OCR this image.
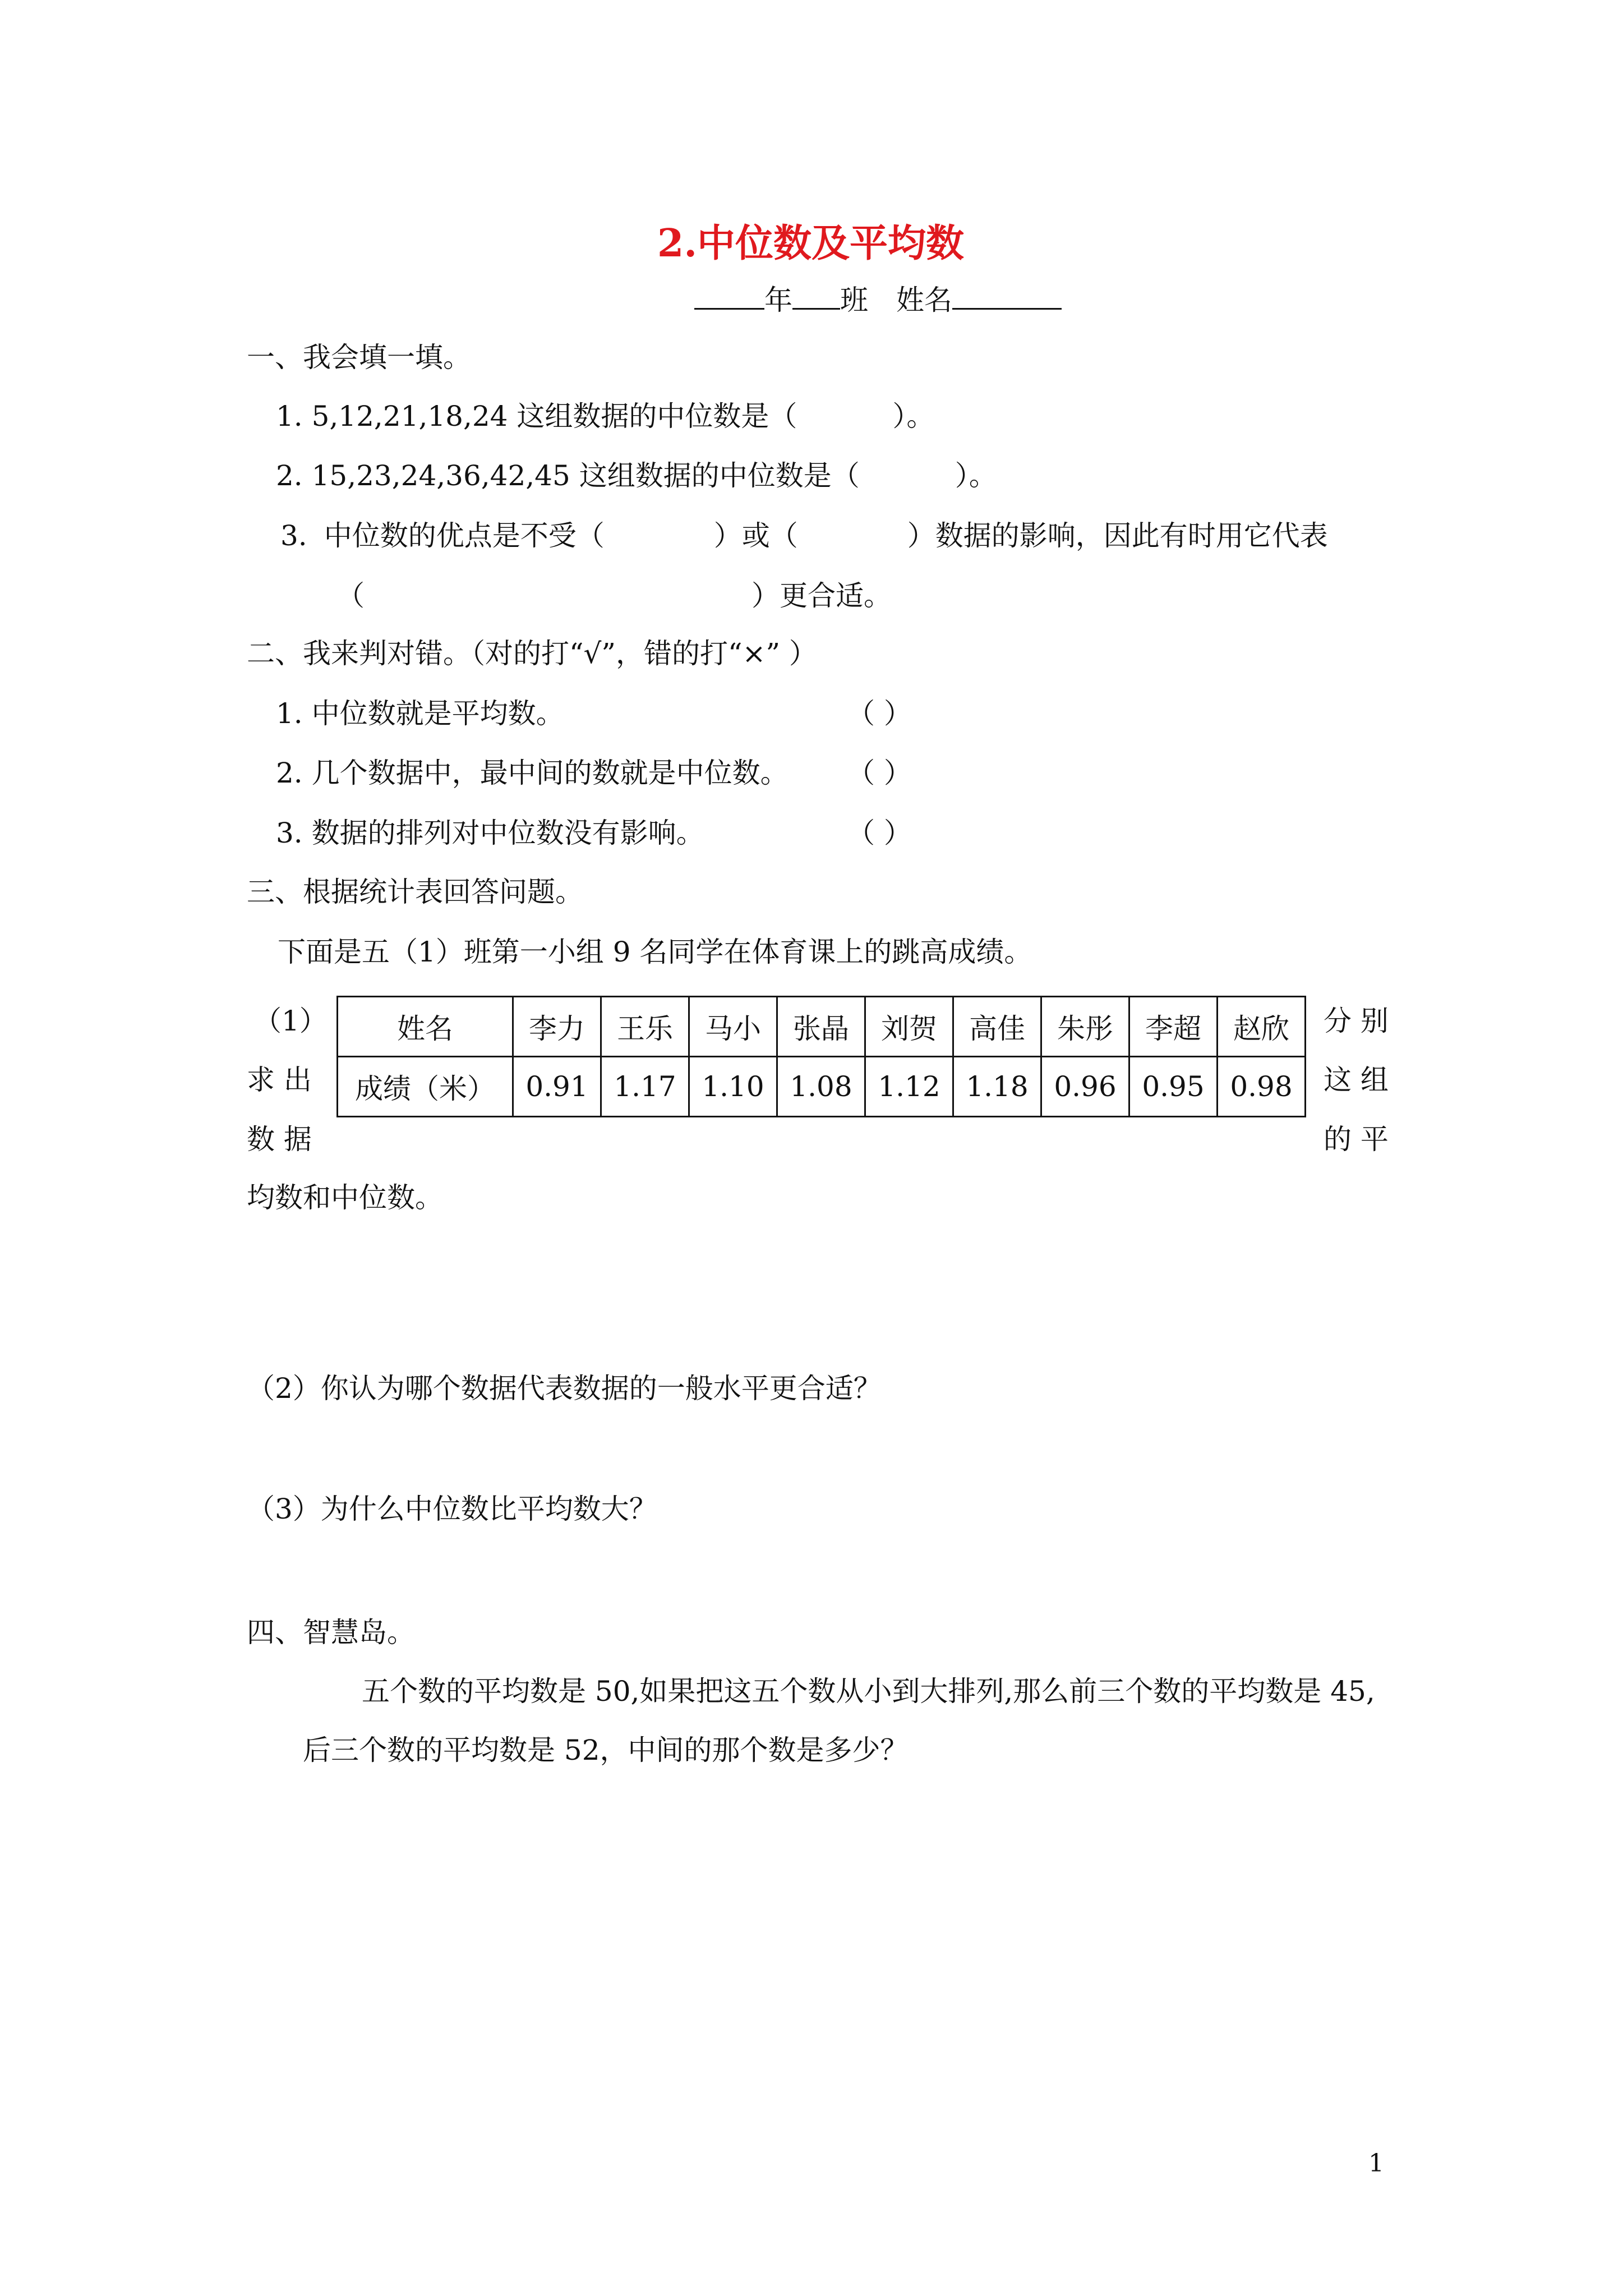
2.中位数及平均数
年 班 姓名
一、我会填一填。
1. 5,12,21,18,24 这组数据的中位数是（	）。
2. 15,23,24,36,42,45 这组数据的中位数是（	）。
3. 中位数的优点是不受（	）或（	）数据的影响，因此有时用它代表
（	）更合适。
二、我来判对错。（对的打“√”，错的打“×” ）
1. 中位数就是平均数。	（ ）
2. 几个数据中，最中间的数就是中位数。 （ ）
3. 数据的排列对中位数没有影响。	（ ）
三、根据统计表回答问题。
下面是五（1）班第一小组 9 名同学在体育课上的跳高成绩。
（1）
求 出
数 据
分 别
这 组
的 平
均数和中位数。
姓名	李力	王乐	马小	张晶	刘贺	高佳	朱彤	李超	赵欣
成绩（米）	0.91	1.17	1.10	1.08	1.12	1.18	0.96	0.95	0.98
（2）你认为哪个数据代表数据的一般水平更合适？
（3）为什么中位数比平均数大？
四、智慧岛。
五个数的平均数是 50,如果把这五个数从小到大排列,那么前三个数的平均数是 45,
后三个数的平均数是 52，中间的那个数是多少？
1
